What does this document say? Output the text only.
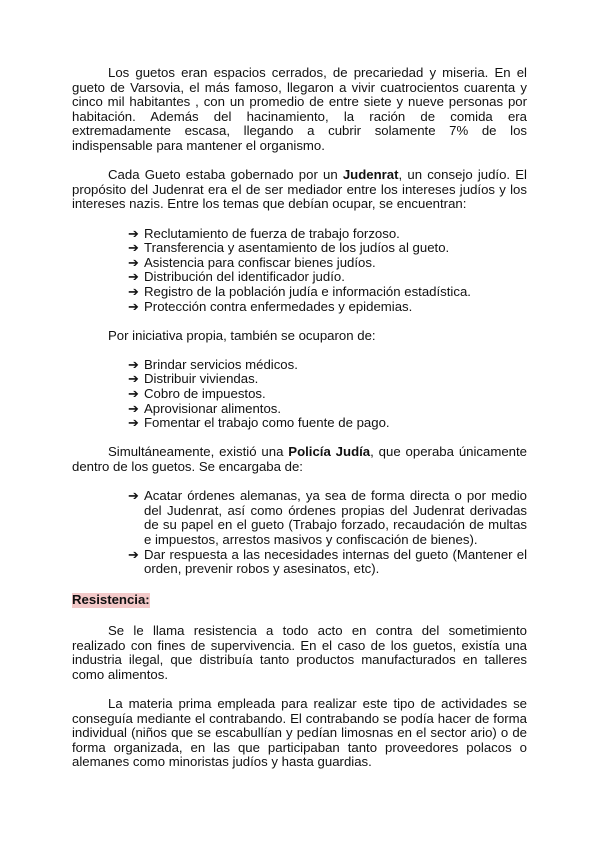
Los guetos eran espacios cerrados, de precariedad y miseria. En el gueto de Varsovia, el más famoso, llegaron a vivir cuatrocientos cuarenta y cinco mil habitantes , con un promedio de entre siete y nueve personas por habitación. Además del hacinamiento, la ración de comida era extremadamente escasa, llegando a cubrir solamente 7% de los indispensable para mantener el organismo.

Cada Gueto estaba gobernado por un Judenrat, un consejo judío. El propósito del Judenrat era el de ser mediador entre los intereses judíos y los intereses nazis. Entre los temas que debían ocupar, se encuentran:

➔ Reclutamiento de fuerza de trabajo forzoso.
➔ Transferencia y asentamiento de los judíos al gueto.
➔ Asistencia para confiscar bienes judíos.
➔ Distribución del identificador judío.
➔ Registro de la población judía e información estadística.
➔ Protección contra enfermedades y epidemias.

Por iniciativa propia, también se ocuparon de:

➔ Brindar servicios médicos.
➔ Distribuir viviendas.
➔ Cobro de impuestos.
➔ Aprovisionar alimentos.
➔ Fomentar el trabajo como fuente de pago.

Simultáneamente, existió una Policía Judía, que operaba únicamente dentro de los guetos. Se encargaba de:

➔ Acatar órdenes alemanas, ya sea de forma directa o por medio del Judenrat, así como órdenes propias del Judenrat derivadas de su papel en el gueto (Trabajo forzado, recaudación de multas e impuestos, arrestos masivos y confiscación de bienes).
➔ Dar respuesta a las necesidades internas del gueto (Mantener el orden, prevenir robos y asesinatos, etc).
Resistencia:

Se le llama resistencia a todo acto en contra del sometimiento realizado con fines de supervivencia. En el caso de los guetos, existía una industria ilegal, que distribuía tanto productos manufacturados en talleres como alimentos.

La materia prima empleada para realizar este tipo de actividades se conseguía mediante el contrabando. El contrabando se podía hacer de forma individual (niños que se escabullían y pedían limosnas en el sector ario) o de forma organizada, en las que participaban tanto proveedores polacos o alemanes como minoristas judíos y hasta guardias.
